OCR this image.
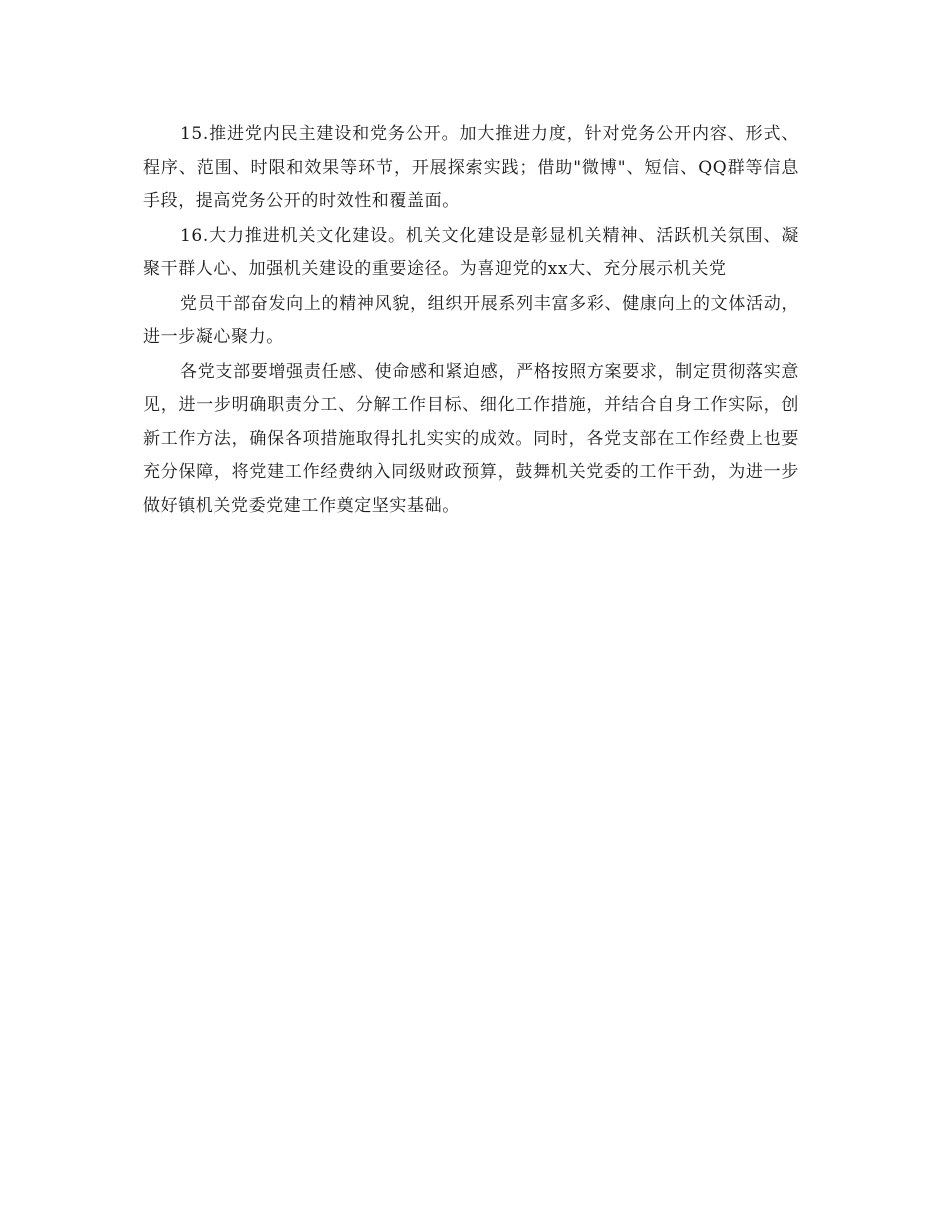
15.推进党内民主建设和党务公开。加大推进力度，针对党务公开内容、形式、程序、范围、时限和效果等环节，开展探索实践；借助"微博"、短信、QQ群等信息手段，提高党务公开的时效性和覆盖面。

16.大力推进机关文化建设。机关文化建设是彰显机关精神、活跃机关氛围、凝聚干群人心、加强机关建设的重要途径。为喜迎党的xx大、充分展示机关党

党员干部奋发向上的精神风貌，组织开展系列丰富多彩、健康向上的文体活动，进一步凝心聚力。

各党支部要增强责任感、使命感和紧迫感，严格按照方案要求，制定贯彻落实意见，进一步明确职责分工、分解工作目标、细化工作措施，并结合自身工作实际，创新工作方法，确保各项措施取得扎扎实实的成效。同时，各党支部在工作经费上也要充分保障，将党建工作经费纳入同级财政预算，鼓舞机关党委的工作干劲，为进一步做好镇机关党委党建工作奠定坚实基础。
